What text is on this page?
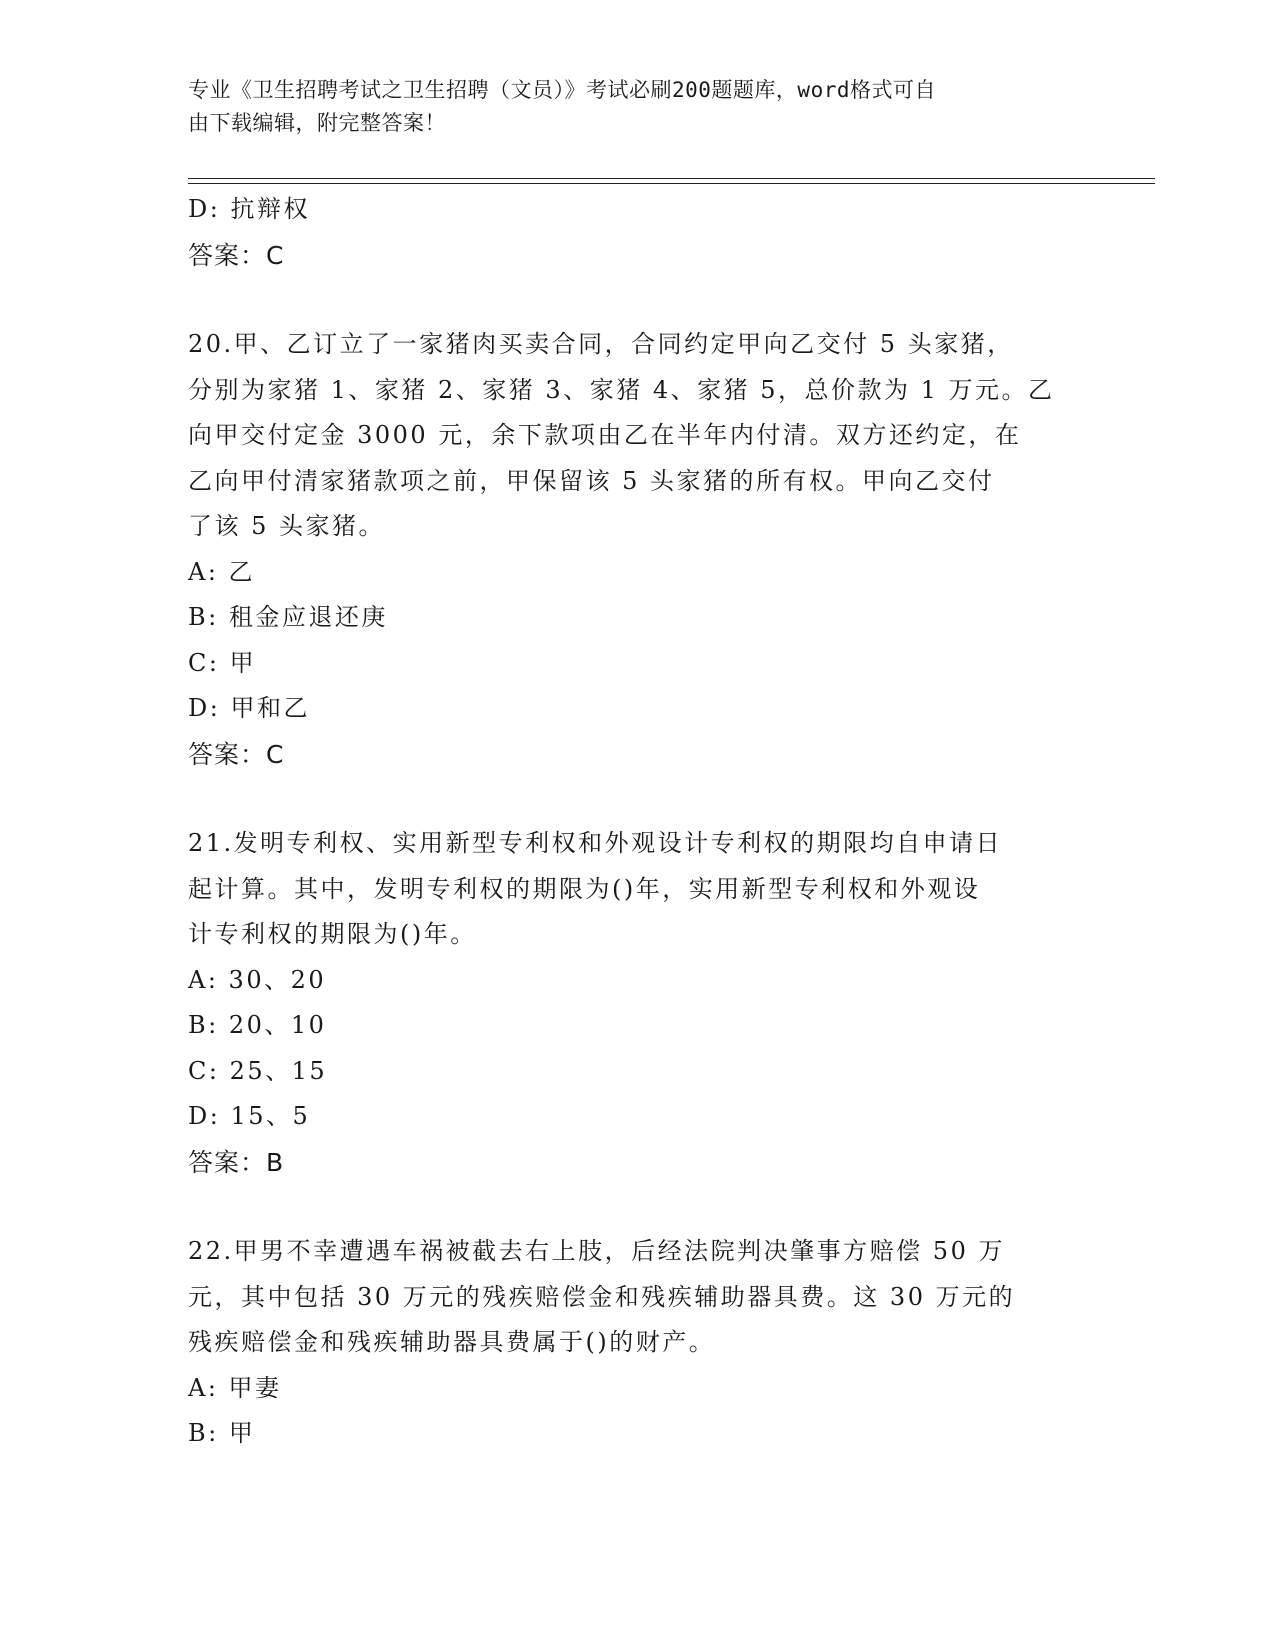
专业《卫生招聘考试之卫生招聘（文员）》考试必刷200题题库，word格式可自
由下载编辑，附完整答案！
D: 抗辩权
答案：C
20.甲、乙订立了一家猪肉买卖合同，合同约定甲向乙交付 5 头家猪，
分别为家猪 1、家猪 2、家猪 3、家猪 4、家猪 5，总价款为 1 万元。乙
向甲交付定金 3000 元，余下款项由乙在半年内付清。双方还约定，在
乙向甲付清家猪款项之前，甲保留该 5 头家猪的所有权。甲向乙交付
了该 5 头家猪。
A: 乙
B: 租金应退还庚
C: 甲
D: 甲和乙
答案：C
21.发明专利权、实用新型专利权和外观设计专利权的期限均自申请日
起计算。其中，发明专利权的期限为()年，实用新型专利权和外观设
计专利权的期限为()年。
A: 30、20
B: 20、10
C: 25、15
D: 15、5
答案：B
22.甲男不幸遭遇车祸被截去右上肢，后经法院判决肇事方赔偿 50 万
元，其中包括 30 万元的残疾赔偿金和残疾辅助器具费。这 30 万元的
残疾赔偿金和残疾辅助器具费属于()的财产。
A: 甲妻
B: 甲
